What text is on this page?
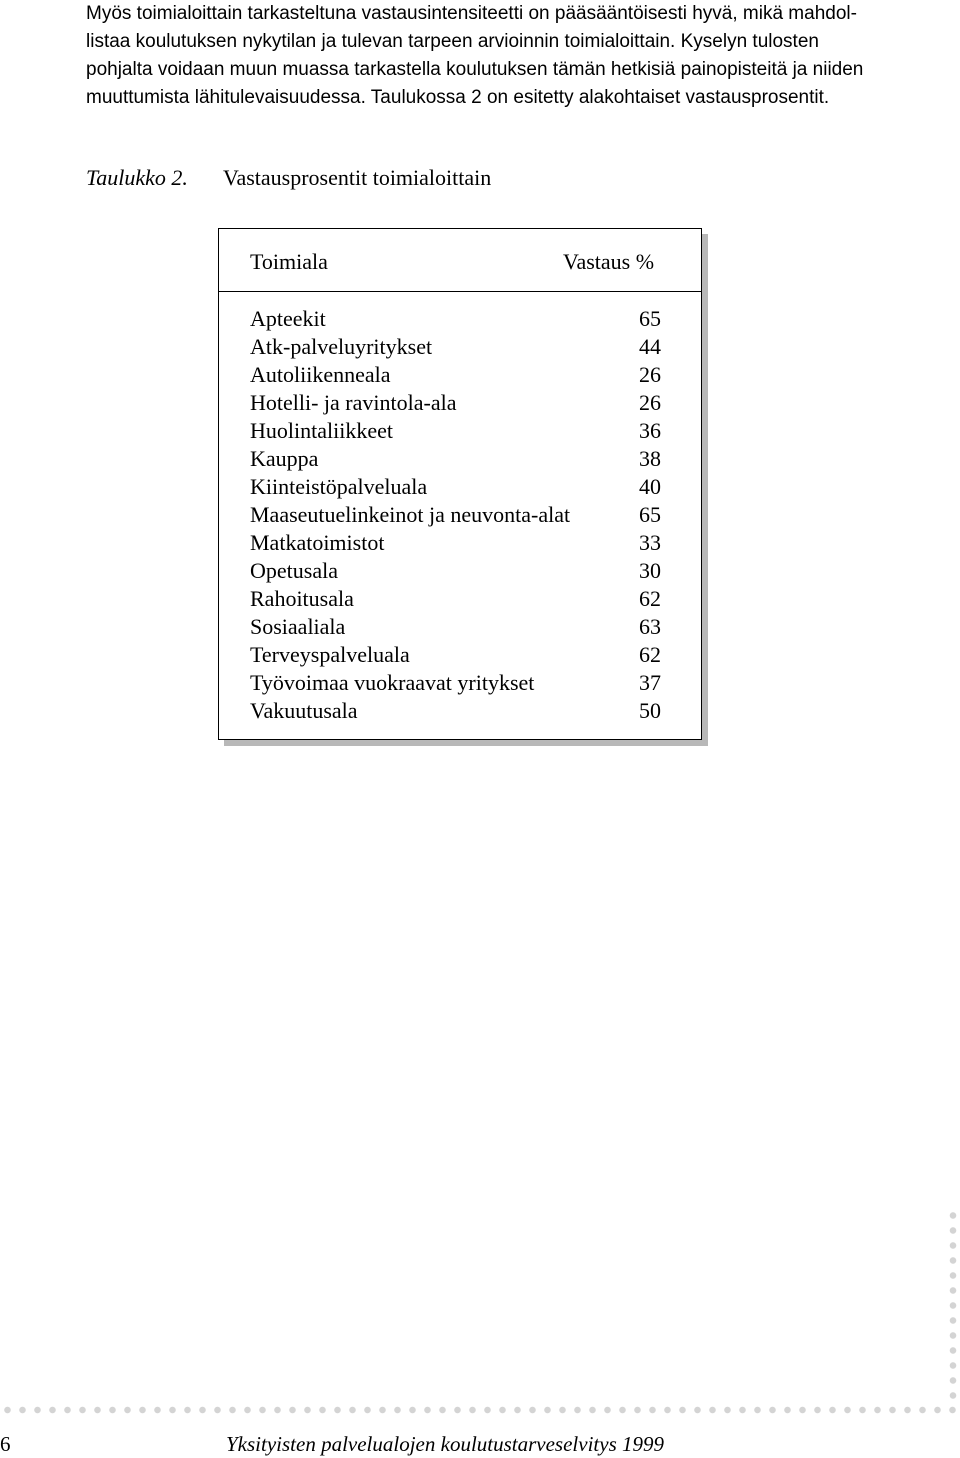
Myös toimialoittain tarkasteltuna vastausintensiteetti on pääsääntöisesti hyvä, mikä mahdol-
listaa koulutuksen nykytilan ja tulevan tarpeen arvioinnin toimialoittain. Kyselyn tulosten
pohjalta voidaan muun muassa tarkastella koulutuksen tämän hetkisiä painopisteitä ja niiden
muuttumista lähitulevaisuudessa. Taulukossa 2 on esitetty alakohtaiset vastausprosentit.
Taulukko 2. Vastausprosentit toimialoittain
Toimiala	Vastaus %
Apteekit	65
Atk-palveluyritykset	44
Autoliikenneala	26
Hotelli- ja ravintola-ala	26
Huolintaliikkeet	36
Kauppa	38
Kiinteistöpalveluala	40
Maaseutuelinkeinot ja neuvonta-alat	65
Matkatoimistot	33
Opetusala	30
Rahoitusala	62
Sosiaaliala	63
Terveyspalveluala	62
Työvoimaa vuokraavat yritykset	37
Vakuutusala	50
6	Yksityisten palvelualojen koulutustarveselvitys 1999
